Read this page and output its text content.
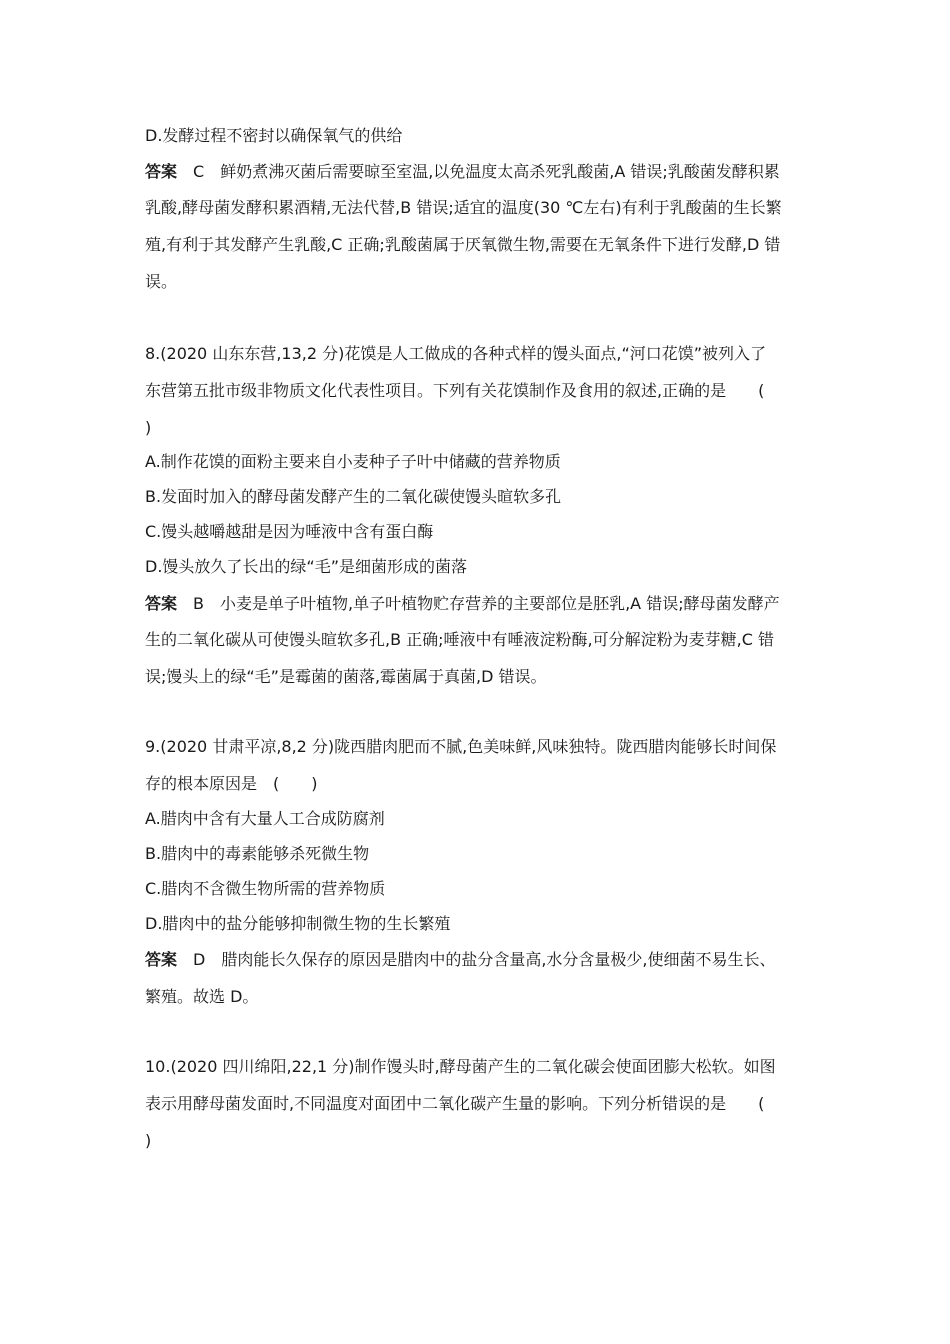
D.发酵过程不密封以确保氧气的供给
答案 C 鲜奶煮沸灭菌后需要晾至室温,以免温度太高杀死乳酸菌,A 错误;乳酸菌发酵积累
乳酸,酵母菌发酵积累酒精,无法代替,B 错误;适宜的温度(30 ℃左右)有利于乳酸菌的生长繁
殖,有利于其发酵产生乳酸,C 正确;乳酸菌属于厌氧微生物,需要在无氧条件下进行发酵,D 错
误。
8.(2020 山东东营,13,2 分)花馍是人工做成的各种式样的馒头面点,“河口花馍”被列入了
东营第五批市级非物质文化代表性项目。下列有关花馍制作及食用的叙述,正确的是　　(
)
A.制作花馍的面粉主要来自小麦种子子叶中储藏的营养物质
B.发面时加入的酵母菌发酵产生的二氧化碳使馒头暄软多孔
C.馒头越嚼越甜是因为唾液中含有蛋白酶
D.馒头放久了长出的绿“毛”是细菌形成的菌落
答案 B 小麦是单子叶植物,单子叶植物贮存营养的主要部位是胚乳,A 错误;酵母菌发酵产
生的二氧化碳从可使馒头暄软多孔,B 正确;唾液中有唾液淀粉酶,可分解淀粉为麦芽糖,C 错
误;馒头上的绿“毛”是霉菌的菌落,霉菌属于真菌,D 错误。
9.(2020 甘肃平凉,8,2 分)陇西腊肉肥而不腻,色美味鲜,风味独特。陇西腊肉能够长时间保
存的根本原因是　(　　)
A.腊肉中含有大量人工合成防腐剂
B.腊肉中的毒素能够杀死微生物
C.腊肉不含微生物所需的营养物质
D.腊肉中的盐分能够抑制微生物的生长繁殖
答案 D 腊肉能长久保存的原因是腊肉中的盐分含量高,水分含量极少,使细菌不易生长、
繁殖。故选 D。
10.(2020 四川绵阳,22,1 分)制作馒头时,酵母菌产生的二氧化碳会使面团膨大松软。如图
表示用酵母菌发面时,不同温度对面团中二氧化碳产生量的影响。下列分析错误的是　　(
)
